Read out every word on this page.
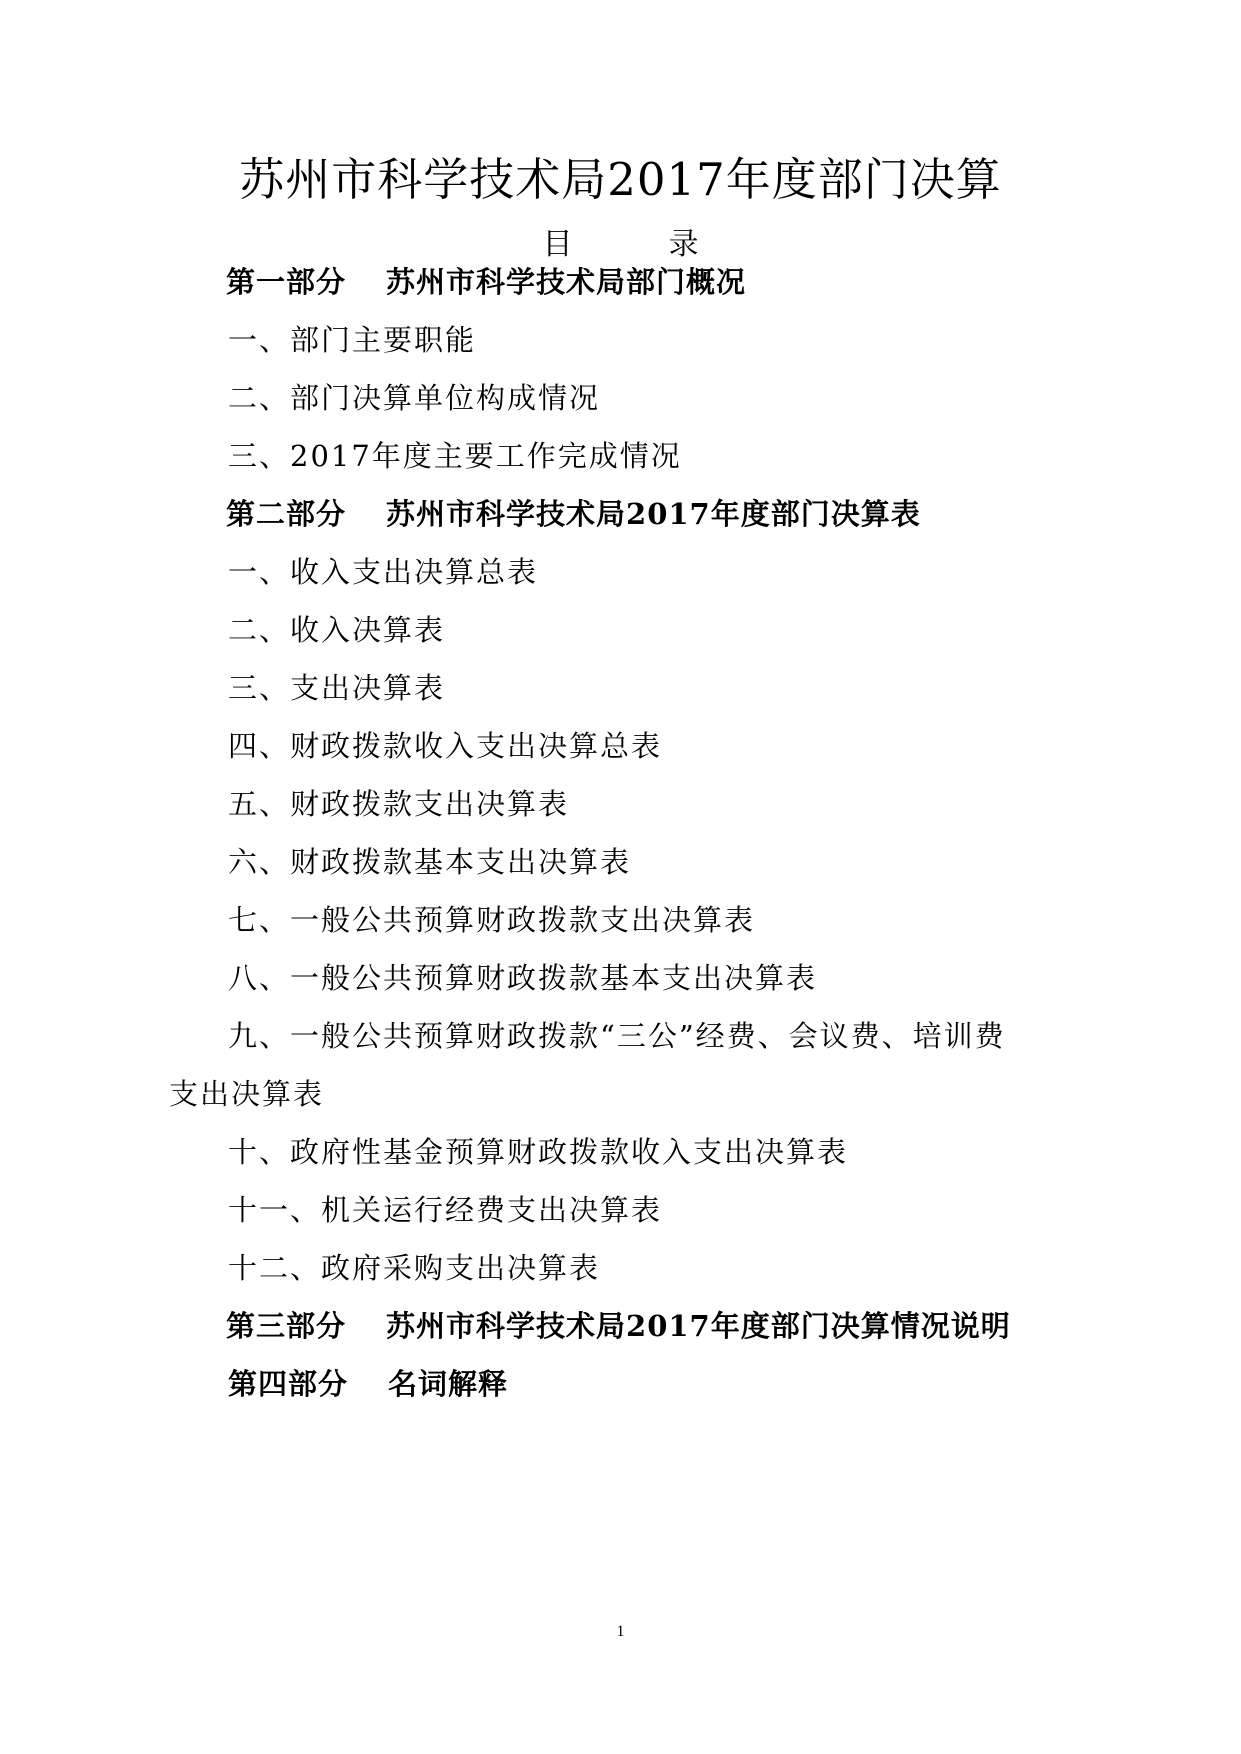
苏州市科学技术局2017年度部门决算
目录
第一部分 苏州市科学技术局部门概况
一、部门主要职能
二、部门决算单位构成情况
三、2017年度主要工作完成情况
第二部分 苏州市科学技术局2017年度部门决算表
一、收入支出决算总表
二、收入决算表
三、支出决算表
四、财政拨款收入支出决算总表
五、财政拨款支出决算表
六、财政拨款基本支出决算表
七、一般公共预算财政拨款支出决算表
八、一般公共预算财政拨款基本支出决算表
九、一般公共预算财政拨款“三公”经费、会议费、培训费
支出决算表
十、政府性基金预算财政拨款收入支出决算表
十一、机关运行经费支出决算表
十二、政府采购支出决算表
第三部分 苏州市科学技术局2017年度部门决算情况说明
第四部分 名词解释
1
